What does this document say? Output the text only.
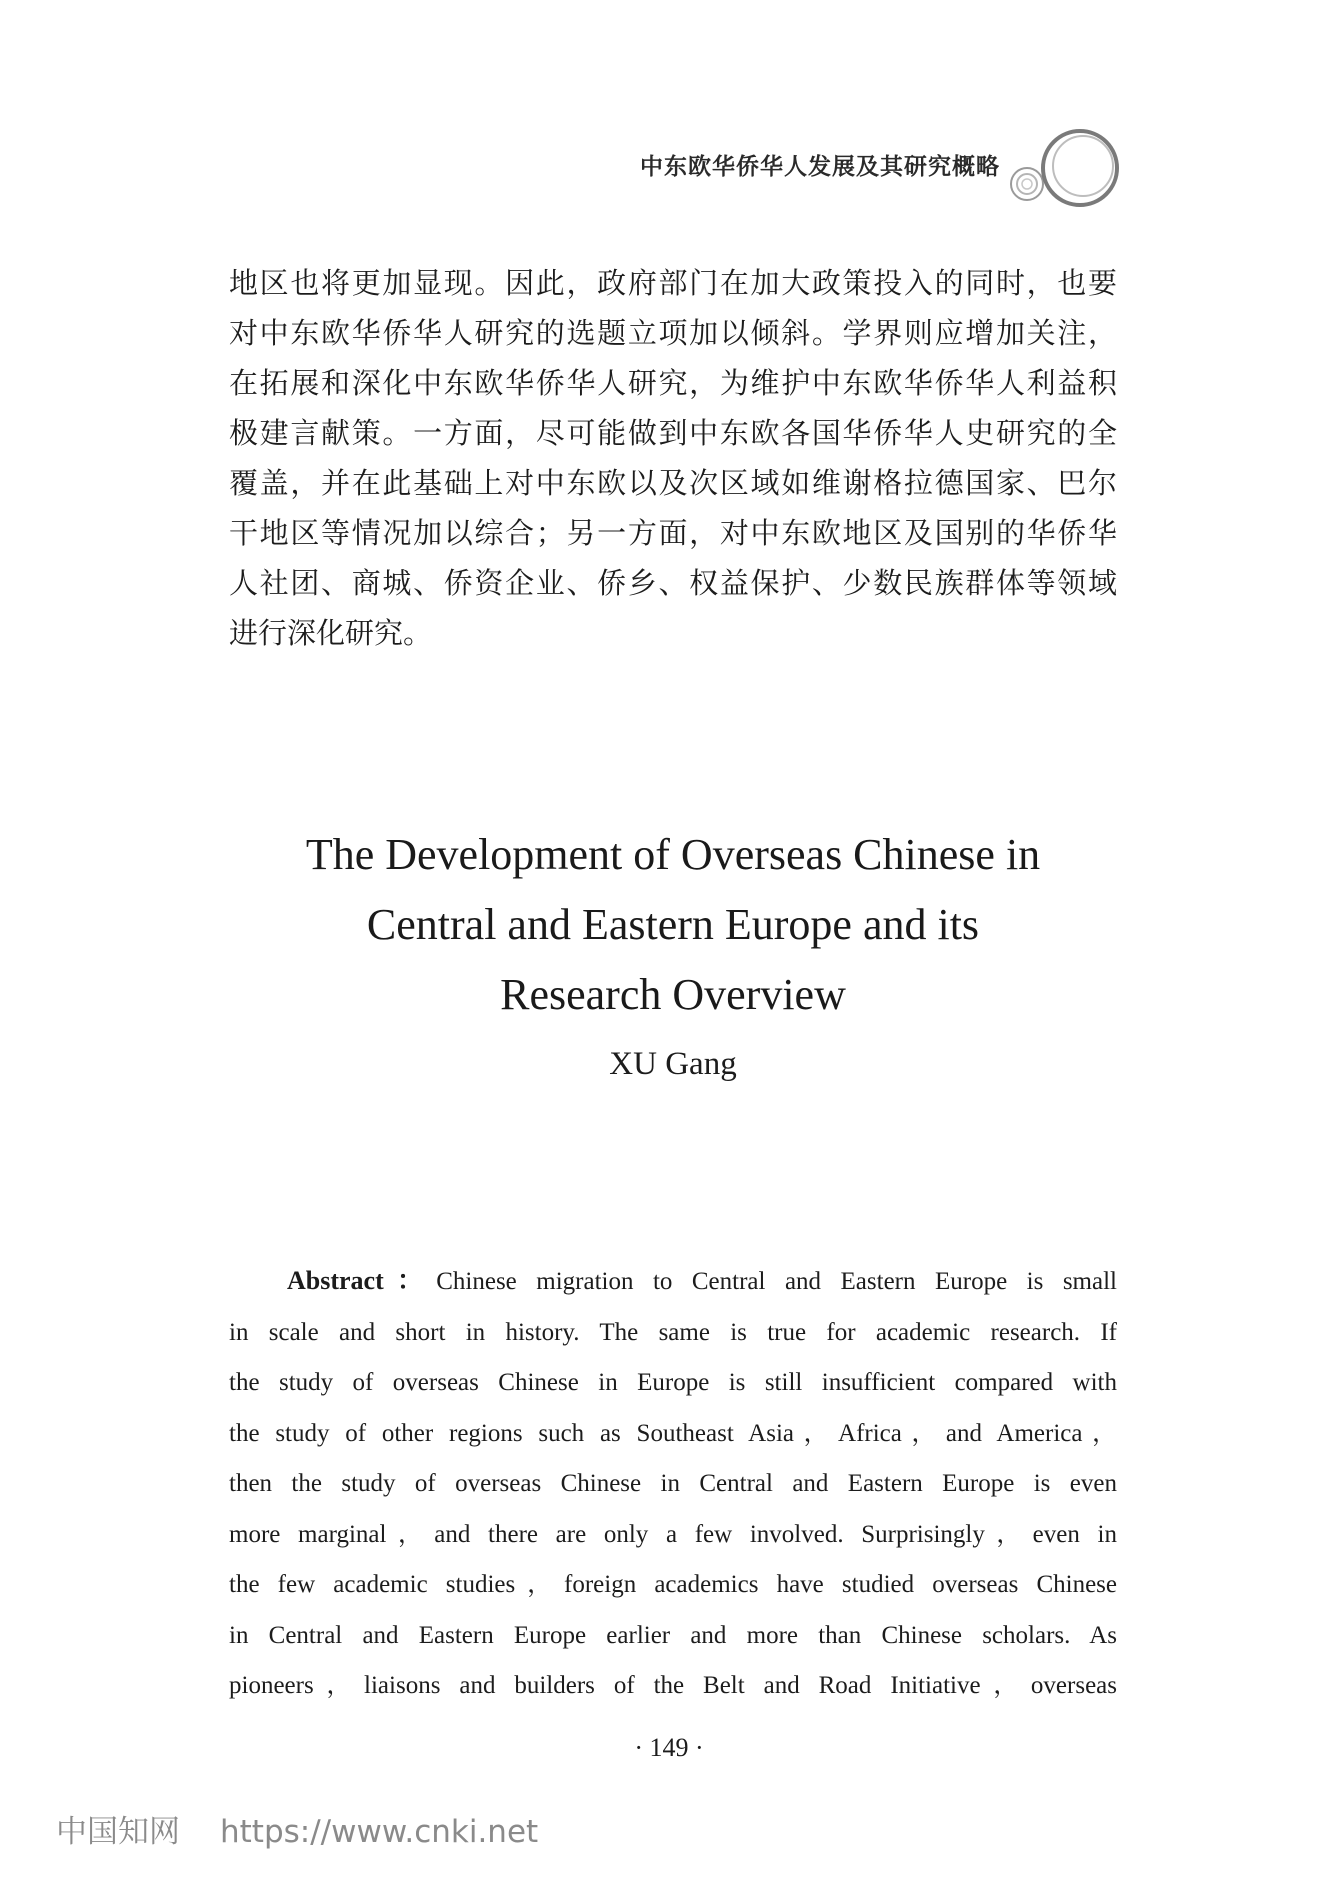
中东欧华侨华人发展及其研究概略
地区也将更加显现。因此，政府部门在加大政策投入的同时，也要
对中东欧华侨华人研究的选题立项加以倾斜。学界则应增加关注，
在拓展和深化中东欧华侨华人研究，为维护中东欧华侨华人利益积
极建言献策。一方面，尽可能做到中东欧各国华侨华人史研究的全
覆盖，并在此基础上对中东欧以及次区域如维谢格拉德国家、巴尔
干地区等情况加以综合；另一方面，对中东欧地区及国别的华侨华
人社团、商城、侨资企业、侨乡、权益保护、少数民族群体等领域
进行深化研究。
The Development of Overseas Chinese in
Central and Eastern Europe and its
Research Overview
XU Gang
Abstract：Chinese migration to Central and Eastern Europe is small
in scale and short in history. The same is true for academic research. If
the study of overseas Chinese in Europe is still insufficient compared with
the study of other regions such as Southeast Asia，Africa，and America，
then the study of overseas Chinese in Central and Eastern Europe is even
more marginal，and there are only a few involved. Surprisingly，even in
the few academic studies，foreign academics have studied overseas Chinese
in Central and Eastern Europe earlier and more than Chinese scholars. As
pioneers，liaisons and builders of the Belt and Road Initiative，overseas
· 149 ·
中国知网 https://www.cnki.net
